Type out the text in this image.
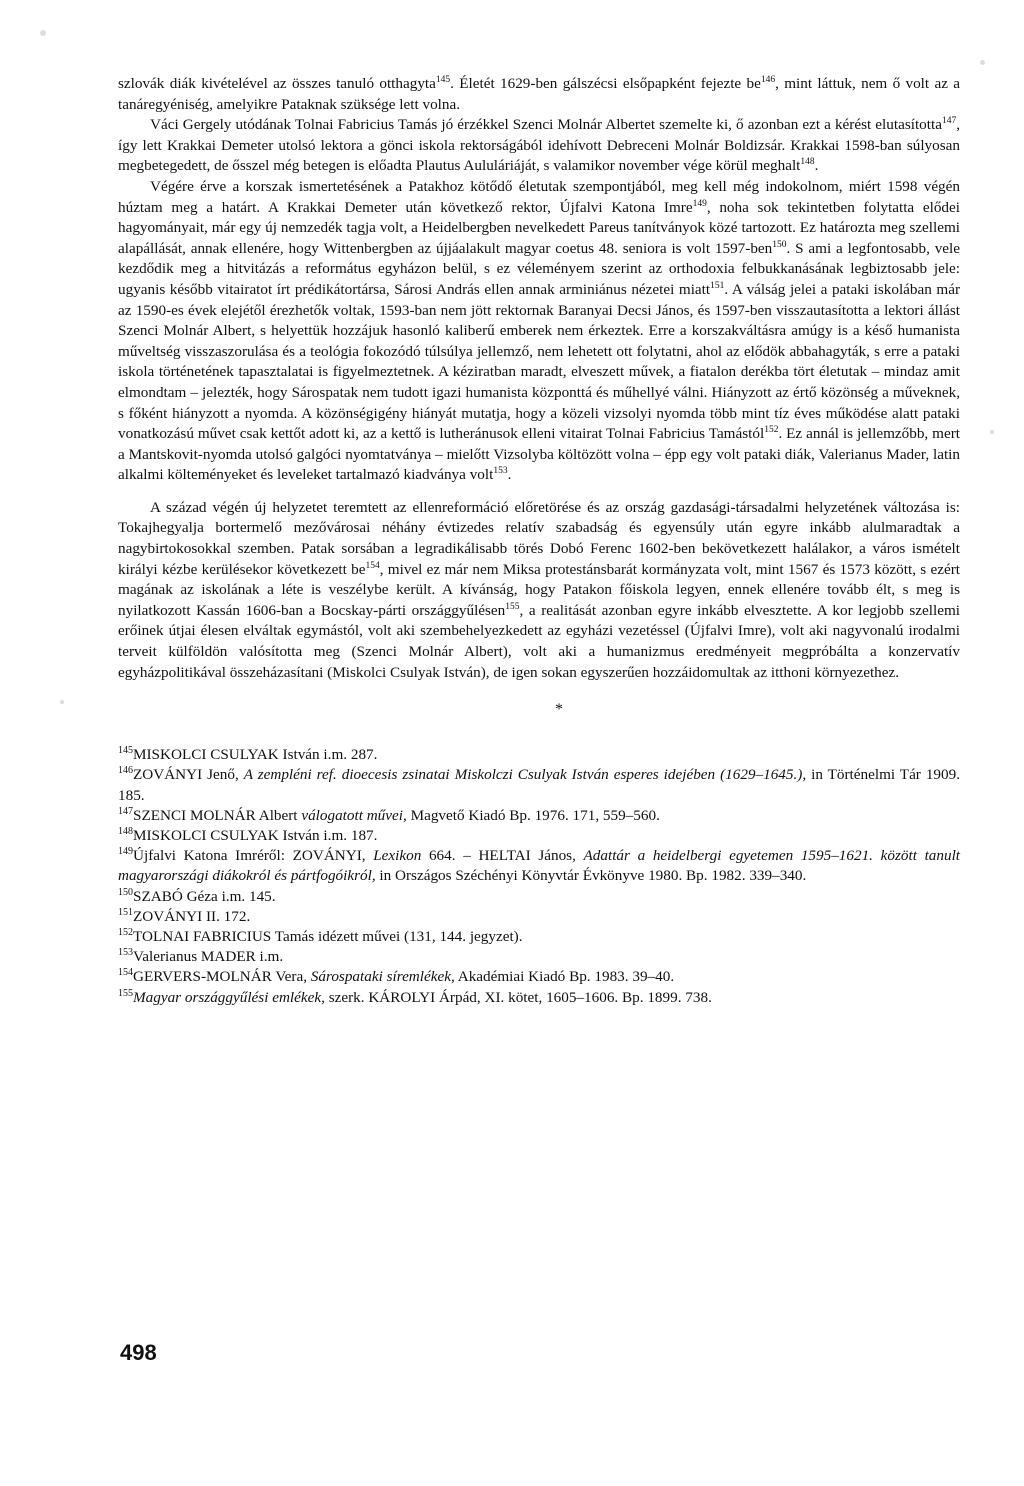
szlovák diák kivételével az összes tanuló otthagyta$^{145}$. Életét 1629-ben gálszécsi elsőpapként fejezte $be^{146}$, mint láttuk, nem ő volt az a tanáregyéniség, amelyikre Pataknak szüksége lett volna.

Váci Gergely utódának Tolnai Fabricius Tamás jó érzékkel Szenci Molnár Albertet szemelte ki, ő azonban ezt a kérést elutasította$^{147}$, így lett Krakkai Demeter utolsó lektora a gönci iskola rektorságából idehívott Debreceni Molnár Boldizsár. Krakkai 1598-ban súlyosan megbetegedett, de ősszel még betegen is előadta Plautus Aululáriáját, s valamikor november vége körül meghalt$^{148}$.

Végére érve a korszak ismertetésének a Patakhoz kötődő életutak szempontjából, meg kell még indokolnom, miért 1598 végén húztam meg a határt. A Krakkai Demeter után következő rektor, Újfalvi Katona Imre$^{149}$, noha sok tekintetben folytatta elődei hagyományait, már egy új nemzedék tagja volt, a Heidelbergben nevelkedett Pareus tanítványok közé tartozott. Ez határozta meg szellemi alapállását, annak ellenére, hogy Wittenbergben az újjáalakult magyar coetus 48. seniora is volt 1597-ben$^{150}$. S ami a legfontosabb, vele kezdődik meg a hitvitázás a református egyházon belül, s ez véleményem szerint az orthodoxia felbukkanásának legbiztosabb jele: ugyanis később vitairatot írt prédikátortársa, Sárosi András ellen annak arminiánus nézetei miatt$^{151}$. A válság jelei a pataki iskolában már az 1590-es évek elejétől érezhetők voltak, 1593-ban nem jött rektornak Baranyai Decsi János, és 1597-ben visszautasította a lektori állást Szenci Molnár Albert, s helyettük hozzájuk hasonló kaliberű emberek nem érkeztek. Erre a korszakváltásra amúgy is a késő humanista műveltség visszaszorulása és a teológia fokozódó túlsúlya jellemző, nem lehetett ott folytatni, ahol az elődök abbahagyták, s erre a pataki iskola történetének tapasztalatai is figyelmeztetnek. A kéziratban maradt, elveszett művek, a fiatalon derékba tört életutak – mindaz amit elmondtam – jelezték, hogy Sárospatak nem tudott igazi humanista központtá és műhellyé válni. Hiányzott az értő közönség a műveknek, s főként hiányzott a nyomda. A közönségigény hiányát mutatja, hogy a közeli vizsolyi nyomda több mint tíz éves működése alatt pataki vonatkozású művet csak kettőt adott ki, az a kettő is lutheránusok elleni vitairat Tolnai Fabricius Tamástól$^{152}$. Ez annál is jellemzőbb, mert a Mantskovit-nyomda utolsó galgóci nyomtatványa – mielőtt Vizsolyba költözött volna – épp egy volt pataki diák, Valerianus Mader, latin alkalmi költeményeket és leveleket tartalmazó kiadványa volt$^{153}$.

A század végén új helyzetet teremtett az ellenreformáció előretörése és az ország gazdasági-társadalmi helyzetének változása is: Tokajhegyalja bortermelő mezővárosai néhány évtizedes relatív szabadság és egyensúly után egyre inkább alulmaradtak a nagybirtokosokkal szemben. Patak sorsában a legradikálisabb törés Dobó Ferenc 1602-ben bekövetkezett halálakor, a város ismételt királyi kézbe kerülésekor következett $be^{154}$, mivel ez már nem Miksa protestánsbarát kormányzata volt, mint 1567 és 1573 között, s ezért magának az iskolának a léte is veszélybe került. A kívánság, hogy Patakon főiskola legyen, ennek ellenére tovább élt, s meg is nyilatkozott Kassán 1606-ban a Bocskay-párti országgyűlésen$^{155}$, a realitását azonban egyre inkább elvesztette. A kor legjobb szellemi erőinek útjai élesen elváltak egymástól, volt aki szembehelyezkedett az egyházi vezetéssel (Újfalvi Imre), volt aki nagyvonalú irodalmi terveit külföldön valósította meg (Szenci Molnár Albert), volt aki a humanizmus eredményeit megpróbálta a konzervatív egyházpolitikával összeházasítani (Miskolci Csulyak István), de igen sokan egyszerűen hozzáidomultak az itthoni környezethez.

*

$^{145}$MISKOLCI CSULYAK István i.m. 287.

$^{146}$ZOVÁNYI Jenő, A zempléni ref. dioecesis zsinatai Miskolczi Csulyak István esperes idejében (1629–1645.), in Történelmi Tár 1909. 185.

$^{147}$SZENCI MOLNÁR Albert válogatott művei, Magvető Kiadó Bp. 1976. 171, 559–560.

$^{148}$MISKOLCI CSULYAK István i.m. 187.

$^{149}$Újfalvi Katona Imréről: ZOVÁNYI, Lexikon 664. – HELTAI János, Adattár a heidelbergi egyetemen 1595–1621. között tanult magyarországi diákokról és pártfogóikról, in Országos Széchényi Könyvtár Évkönyve 1980. Bp. 1982. 339–340.

$^{150}$SZABÓ Géza i.m. 145.

$^{151}$ZOVÁNYI II. 172.

$^{152}$TOLNAI FABRICIUS Tamás idézett művei (131, 144. jegyzet).

$^{153}$Valerianus MADER i.m.

$^{154}$GERVERS-MOLNÁR Vera, Sárospataki síremlékek, Akadémiai Kiadó Bp. 1983. 39–40.

$^{155}$Magyar országgyűlési emlékek, szerk. KÁROLYI Árpád, XI. kötet, 1605–1606. Bp. 1899. 738.

498
